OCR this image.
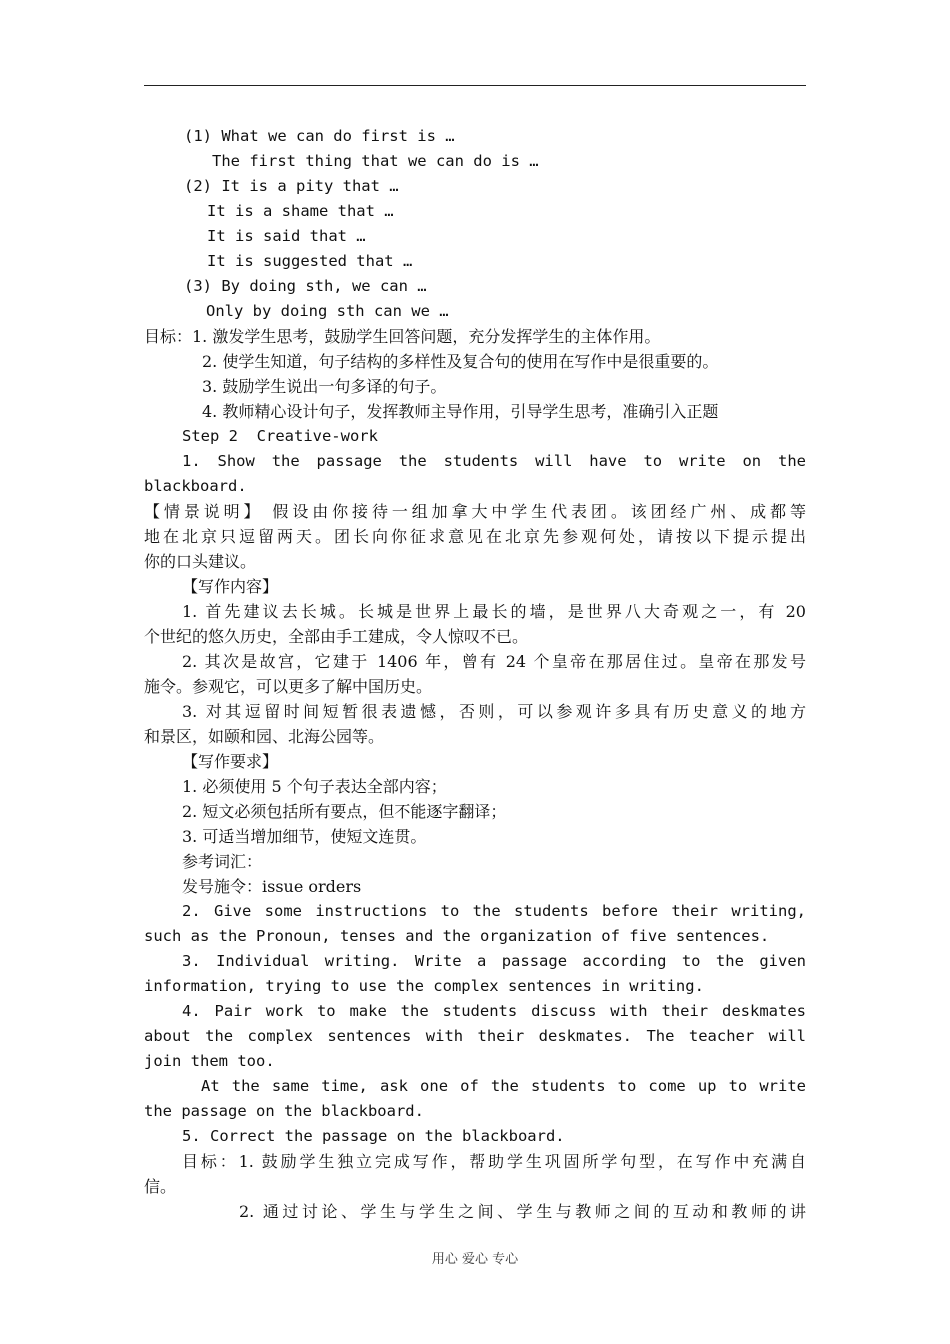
(1) What we can do first is …
The first thing that we can do is …
(2) It is a pity that …
It is a shame that …
It is said that …
It is suggested that …
(3) By doing sth, we can …
Only by doing sth can we …
目标：1. 激发学生思考，鼓励学生回答问题，充分发挥学生的主体作用。
2. 使学生知道，句子结构的多样性及复合句的使用在写作中是很重要的。
3. 鼓励学生说出一句多译的句子。
4. 教师精心设计句子，发挥教师主导作用，引导学生思考，准确引入正题
Step 2  Creative-work
1. Show the passage the students will have to write on the
blackboard.
【情景说明】 假设由你接待一组加拿大中学生代表团。该团经广州、成都等
地在北京只逗留两天。团长向你征求意见在北京先参观何处，请按以下提示提出
你的口头建议。
【写作内容】
1. 首先建议去长城。长城是世界上最长的墙，是世界八大奇观之一，有 20
个世纪的悠久历史，全部由手工建成，令人惊叹不已。
2. 其次是故宫，它建于 1406 年，曾有 24 个皇帝在那居住过。皇帝在那发号
施令。参观它，可以更多了解中国历史。
3. 对其逗留时间短暂很表遗憾，否则，可以参观许多具有历史意义的地方
和景区，如颐和园、北海公园等。
【写作要求】
1. 必须使用 5 个句子表达全部内容；
2. 短文必须包括所有要点，但不能逐字翻译；
3. 可适当增加细节，使短文连贯。
参考词汇：
发号施令：issue orders
2. Give some instructions to the students before their writing,
such as the Pronoun, tenses and the organization of five sentences.
3. Individual writing. Write a passage according to the given
information, trying to use the complex sentences in writing.
4. Pair work to make the students discuss with their deskmates
about the complex sentences with their deskmates. The teacher will
join them too.
At the same time, ask one of the students to come up to write
the passage on the blackboard.
5. Correct the passage on the blackboard.
目标：1. 鼓励学生独立完成写作，帮助学生巩固所学句型，在写作中充满自
信。
2. 通过讨论、学生与学生之间、学生与教师之间的互动和教师的讲
用心 爱心 专心
